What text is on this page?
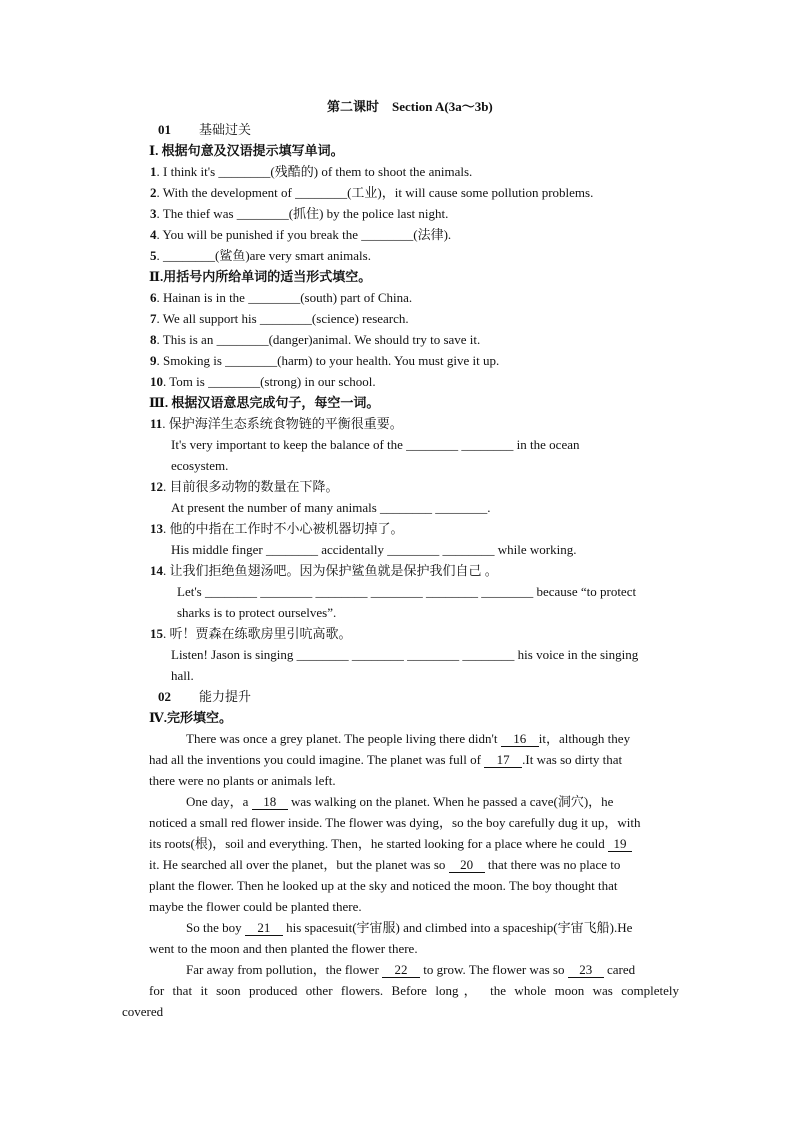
第二课时　Section A(3a～3b)
01 基础过关
Ⅰ. 根据句意及汉语提示填写单词。
1. I think it's ________(残酷的) of them to shoot the animals.
2. With the development of ________(工业)，it will cause some pollution problems.
3. The thief was ________(抓住) by the police last night.
4. You will be punished if you break the ________(法律).
5. ________(鲨鱼)are very smart animals.
Ⅱ.用括号内所给单词的适当形式填空。
6. Hainan is in the ________(south) part of China.
7. We all support his ________(science) research.
8. This is an ________(danger)animal. We should try to save it.
9. Smoking is ________(harm) to your health. You must give it up.
10. Tom is ________(strong) in our school.
Ⅲ. 根据汉语意思完成句子，每空一词。
11. 保护海洋生态系统食物链的平衡很重要。
It's very important to keep the balance of the ________ ________ in the ocean
ecosystem.
12. 目前很多动物的数量在下降。
At present the number of many animals ________ ________.
13. 他的中指在工作时不小心被机器切掉了。
His middle finger ________ accidentally ________ ________ while working.
14. 让我们拒绝鱼翅汤吧。因为保护鲨鱼就是保护我们自己 。
Let's ________ ________ ________ ________ ________ ________ because “to protect
sharks is to protect ourselves”.
15. 听！贾森在练歌房里引吭高歌。
Listen! Jason is singing ________ ________ ________ ________ his voice in the singing
hall.
02 能力提升
Ⅳ.完形填空。
There was once a grey planet. The people living there didn't 16 it，although they
had all the inventions you could imagine. The planet was full of 17 .It was so dirty that
there were no plants or animals left.
One day，a 18 was walking on the planet. When he passed a cave(洞穴)，he
noticed a small red flower inside. The flower was dying，so the boy carefully dug it up，with
its roots(根)，soil and everything. Then，he started looking for a place where he could 19
it. He searched all over the planet，but the planet was so 20 that there was no place to
plant the flower. Then he looked up at the sky and noticed the moon. The boy thought that
maybe the flower could be planted there.
So the boy 21 his spacesuit(宇宙服) and climbed into a spaceship(宇宙飞船).He
went to the moon and then planted the flower there.
Far away from pollution，the flower 22 to grow. The flower was so 23 cared
for that it soon produced other flowers. Before long， the whole moon was completely
covered
